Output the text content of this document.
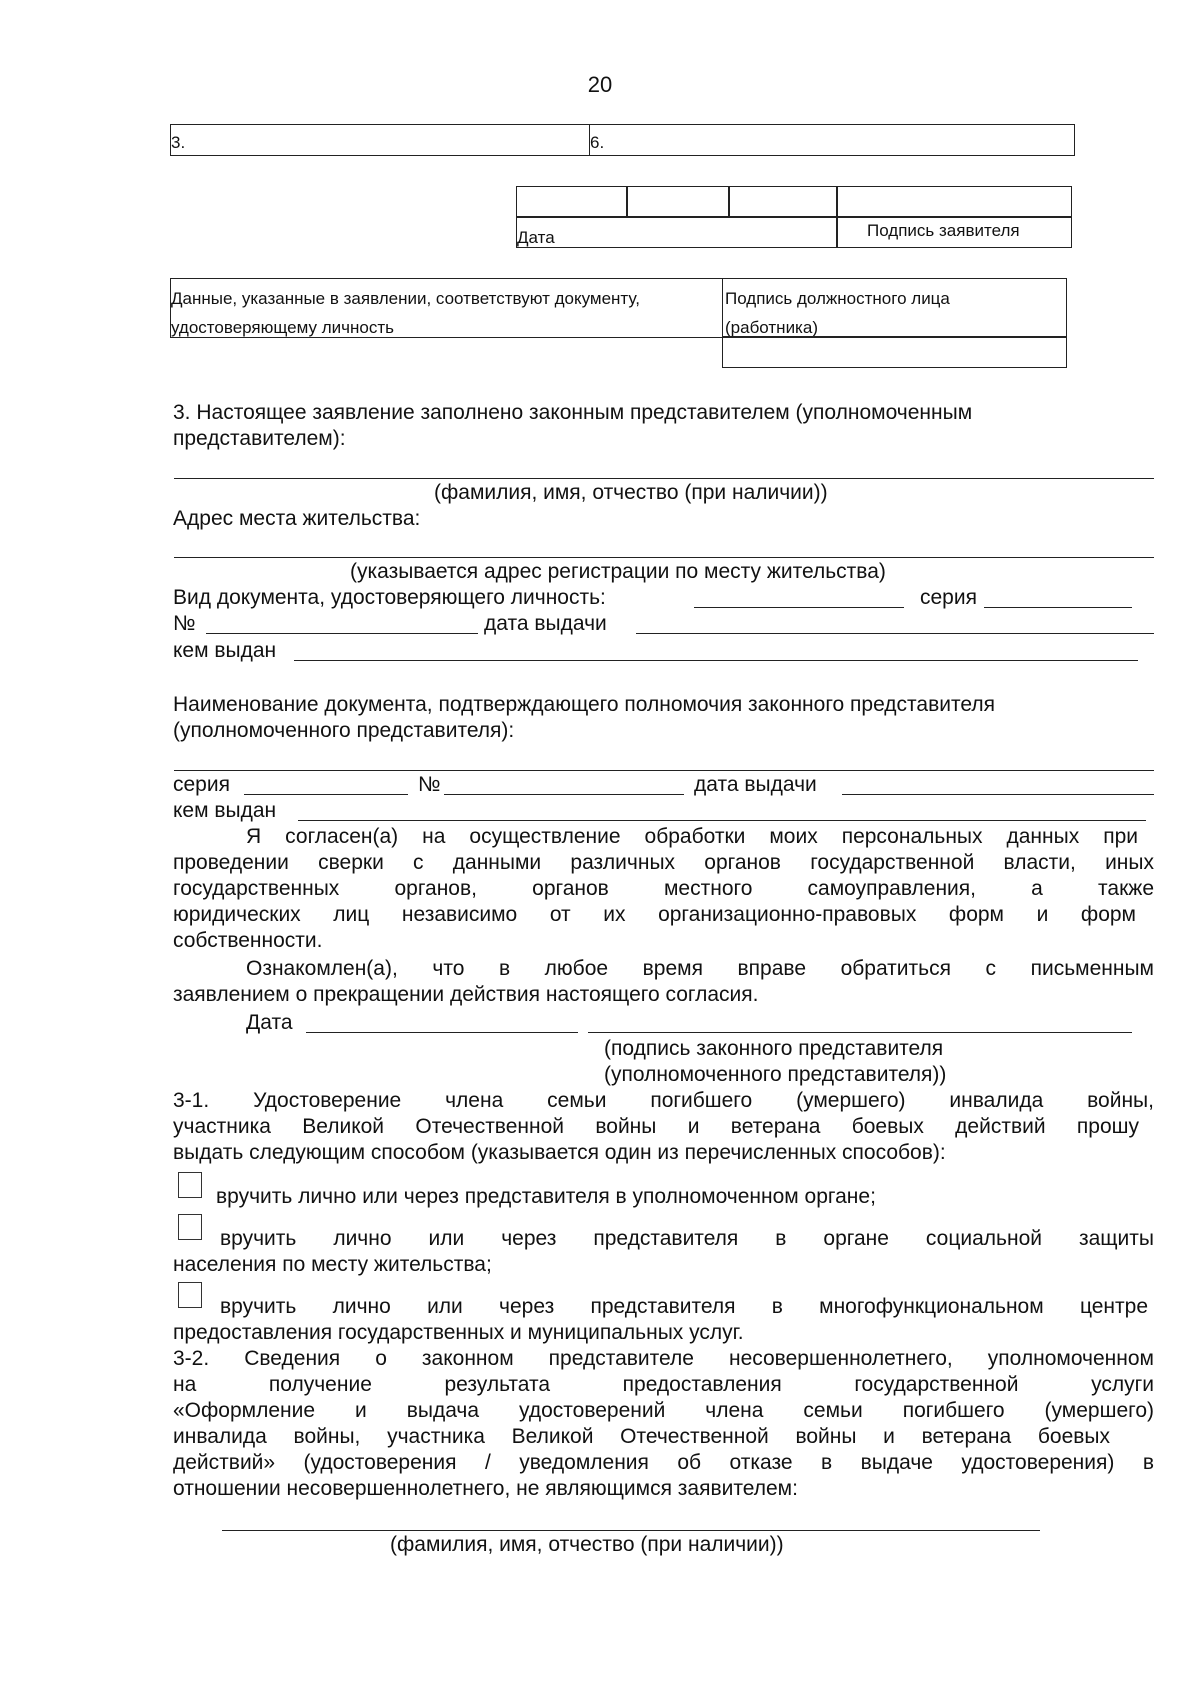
20
3.	6.
Дата	Подпись заявителя
Данные, указанные в заявлении, соответствуют документу,
удостоверяющему личность
Подпись должностного лица
(работника)
3. Настоящее заявление заполнено законным представителем (уполномоченным
представителем):
(фамилия, имя, отчество (при наличии))
Адрес места жительства:
(указывается адрес регистрации по месту жительства)
Вид документа, удостоверяющего личность:	серия
№	дата выдачи
кем выдан
Наименование документа, подтверждающего полномочия законного представителя
(уполномоченного представителя):
серия	№	дата выдачи
кем выдан
Я согласен(а) на осуществление обработки моих персональных данных при
проведении сверки с данными различных органов государственной власти, иных
государственных органов, органов местного самоуправления, а также
юридических лиц независимо от их организационно-правовых форм и форм
собственности.
Ознакомлен(а), что в любое время вправе обратиться с письменным
заявлением о прекращении действия настоящего согласия.
Дата
(подпись законного представителя
(уполномоченного представителя))
3-1. Удостоверение члена семьи погибшего (умершего) инвалида войны,
участника Великой Отечественной войны и ветерана боевых действий прошу
выдать следующим способом (указывается один из перечисленных способов):
вручить лично или через представителя в уполномоченном органе;
вручить лично или через представителя в органе социальной защиты
населения по месту жительства;
вручить лично или через представителя в многофункциональном центре
предоставления государственных и муниципальных услуг.
3-2. Сведения о законном представителе несовершеннолетнего, уполномоченном
на получение результата предоставления государственной услуги
«Оформление и выдача удостоверений члена семьи погибшего (умершего)
инвалида войны, участника Великой Отечественной войны и ветерана боевых
действий» (удостоверения / уведомления об отказе в выдаче удостоверения) в
отношении несовершеннолетнего, не являющимся заявителем:
(фамилия, имя, отчество (при наличии))
